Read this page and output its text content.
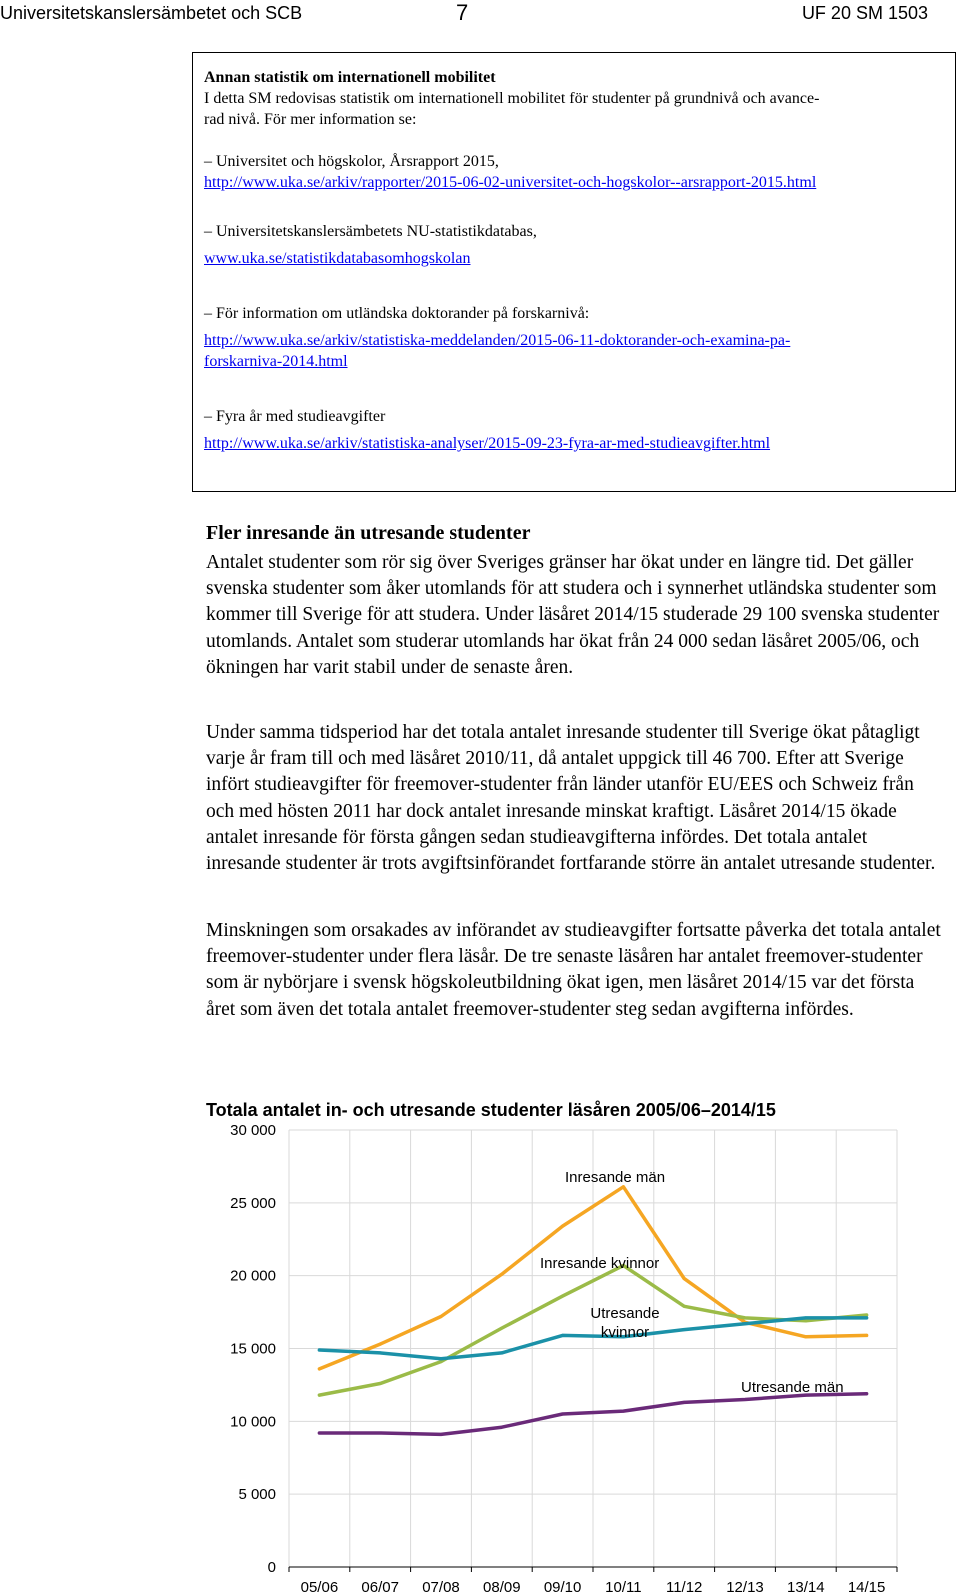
Universitetskanslersämbetet och SCB	7	UF 20 SM 1503
Annan statistik om internationell mobilitet
I detta SM redovisas statistik om internationell mobilitet för studenter på grundnivå och avance-
rad nivå. För mer information se:
– Universitet och högskolor, Årsrapport 2015,
http://www.uka.se/arkiv/rapporter/2015-06-02-universitet-och-hogskolor--arsrapport-2015.html
– Universitetskanslersämbetets NU-statistikdatabas,
www.uka.se/statistikdatabasomhogskolan
– För information om utländska doktorander på forskarnivå:
http://www.uka.se/arkiv/statistiska-meddelanden/2015-06-11-doktorander-och-examina-pa-
forskarniva-2014.html
– Fyra år med studieavgifter
http://www.uka.se/arkiv/statistiska-analyser/2015-09-23-fyra-ar-med-studieavgifter.html
Fler inresande än utresande studenter
Antalet studenter som rör sig över Sveriges gränser har ökat under en längre tid. Det gäller svenska studenter som åker utomlands för att studera och i synnerhet utländska studenter som kommer till Sverige för att studera. Under läsåret 2014/15 studerade 29 100 svenska studenter utomlands. Antalet som studerar utomlands har ökat från 24 000 sedan läsåret 2005/06, och ökningen har varit stabil under de senaste åren.
Under samma tidsperiod har det totala antalet inresande studenter till Sverige ökat påtagligt varje år fram till och med läsåret 2010/11, då antalet uppgick till 46 700. Efter att Sverige infört studieavgifter för freemover-studenter från länder utanför EU/EES och Schweiz från och med hösten 2011 har dock antalet inresande minskat kraftigt. Läsåret 2014/15 ökade antalet inresande för första gången sedan studieavgifterna infördes. Det totala antalet inresande studenter är trots avgiftsinförandet fortfarande större än antalet utresande studenter.
Minskningen som orsakades av införandet av studieavgifter fortsatte påverka det totala antalet freemover-studenter under flera läsår. De tre senaste läsåren har antalet freemover-studenter som är nybörjare i svensk högskoleutbildning ökat igen, men läsåret 2014/15 var det första året som även det totala antalet freemover-studenter steg sedan avgifterna infördes.
Totala antalet in- och utresande studenter läsåren 2005/06–2014/15
0
5 000
10 000
15 000
20 000
25 000
30 000
05/06 06/07 07/08 08/09 09/10 10/11 11/12 12/13 13/14 14/15
Inresande män
Inresande kvinnor
Utresande
kvinnor
Utresande män
